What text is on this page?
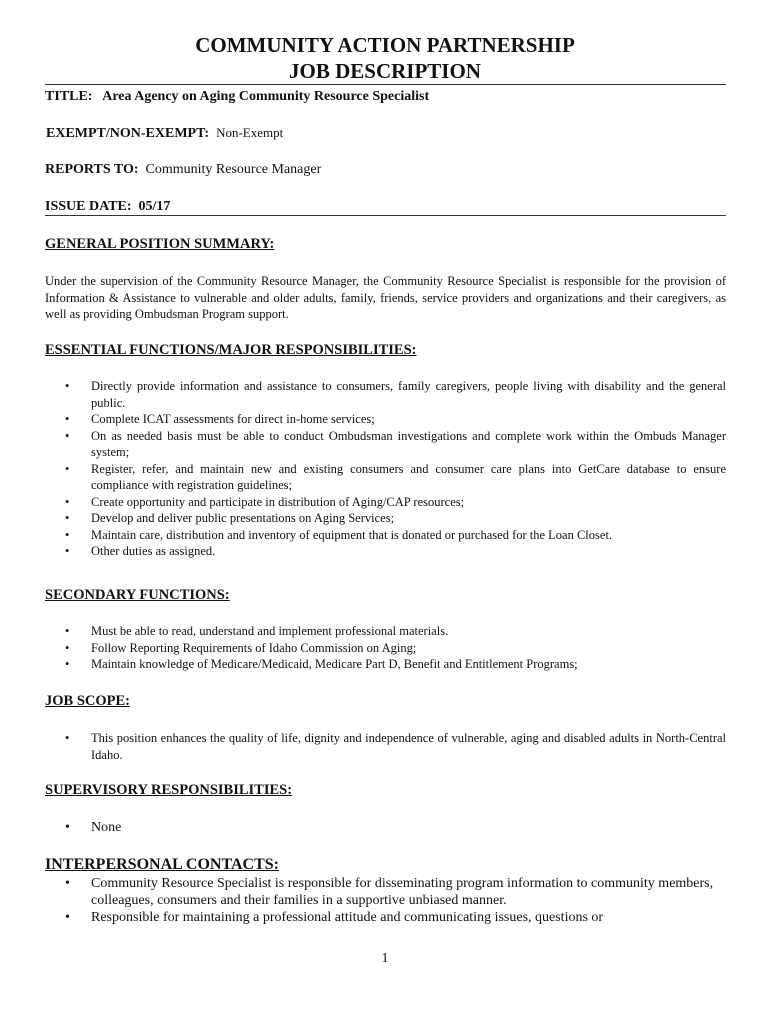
COMMUNITY ACTION PARTNERSHIP
JOB DESCRIPTION
TITLE: Area Agency on Aging Community Resource Specialist
EXEMPT/NON-EXEMPT: Non-Exempt
REPORTS TO: Community Resource Manager
ISSUE DATE: 05/17
GENERAL POSITION SUMMARY:
Under the supervision of the Community Resource Manager, the Community Resource Specialist is responsible for the provision of Information & Assistance to vulnerable and older adults, family, friends, service providers and organizations and their caregivers, as well as providing Ombudsman Program support.
ESSENTIAL FUNCTIONS/MAJOR RESPONSIBILITIES:
• Directly provide information and assistance to consumers, family caregivers, people living with disability and the general public.
• Complete ICAT assessments for direct in-home services;
• On as needed basis must be able to conduct Ombudsman investigations and complete work within the Ombuds Manager system;
• Register, refer, and maintain new and existing consumers and consumer care plans into GetCare database to ensure compliance with registration guidelines;
• Create opportunity and participate in distribution of Aging/CAP resources;
• Develop and deliver public presentations on Aging Services;
• Maintain care, distribution and inventory of equipment that is donated or purchased for the Loan Closet.
• Other duties as assigned.
SECONDARY FUNCTIONS:
• Must be able to read, understand and implement professional materials.
• Follow Reporting Requirements of Idaho Commission on Aging;
• Maintain knowledge of Medicare/Medicaid, Medicare Part D, Benefit and Entitlement Programs;
JOB SCOPE:
• This position enhances the quality of life, dignity and independence of vulnerable, aging and disabled adults in North-Central Idaho.
SUPERVISORY RESPONSIBILITIES:
• None
INTERPERSONAL CONTACTS:
• Community Resource Specialist is responsible for disseminating program information to community members, colleagues, consumers and their families in a supportive unbiased manner.
• Responsible for maintaining a professional attitude and communicating issues, questions or
1
